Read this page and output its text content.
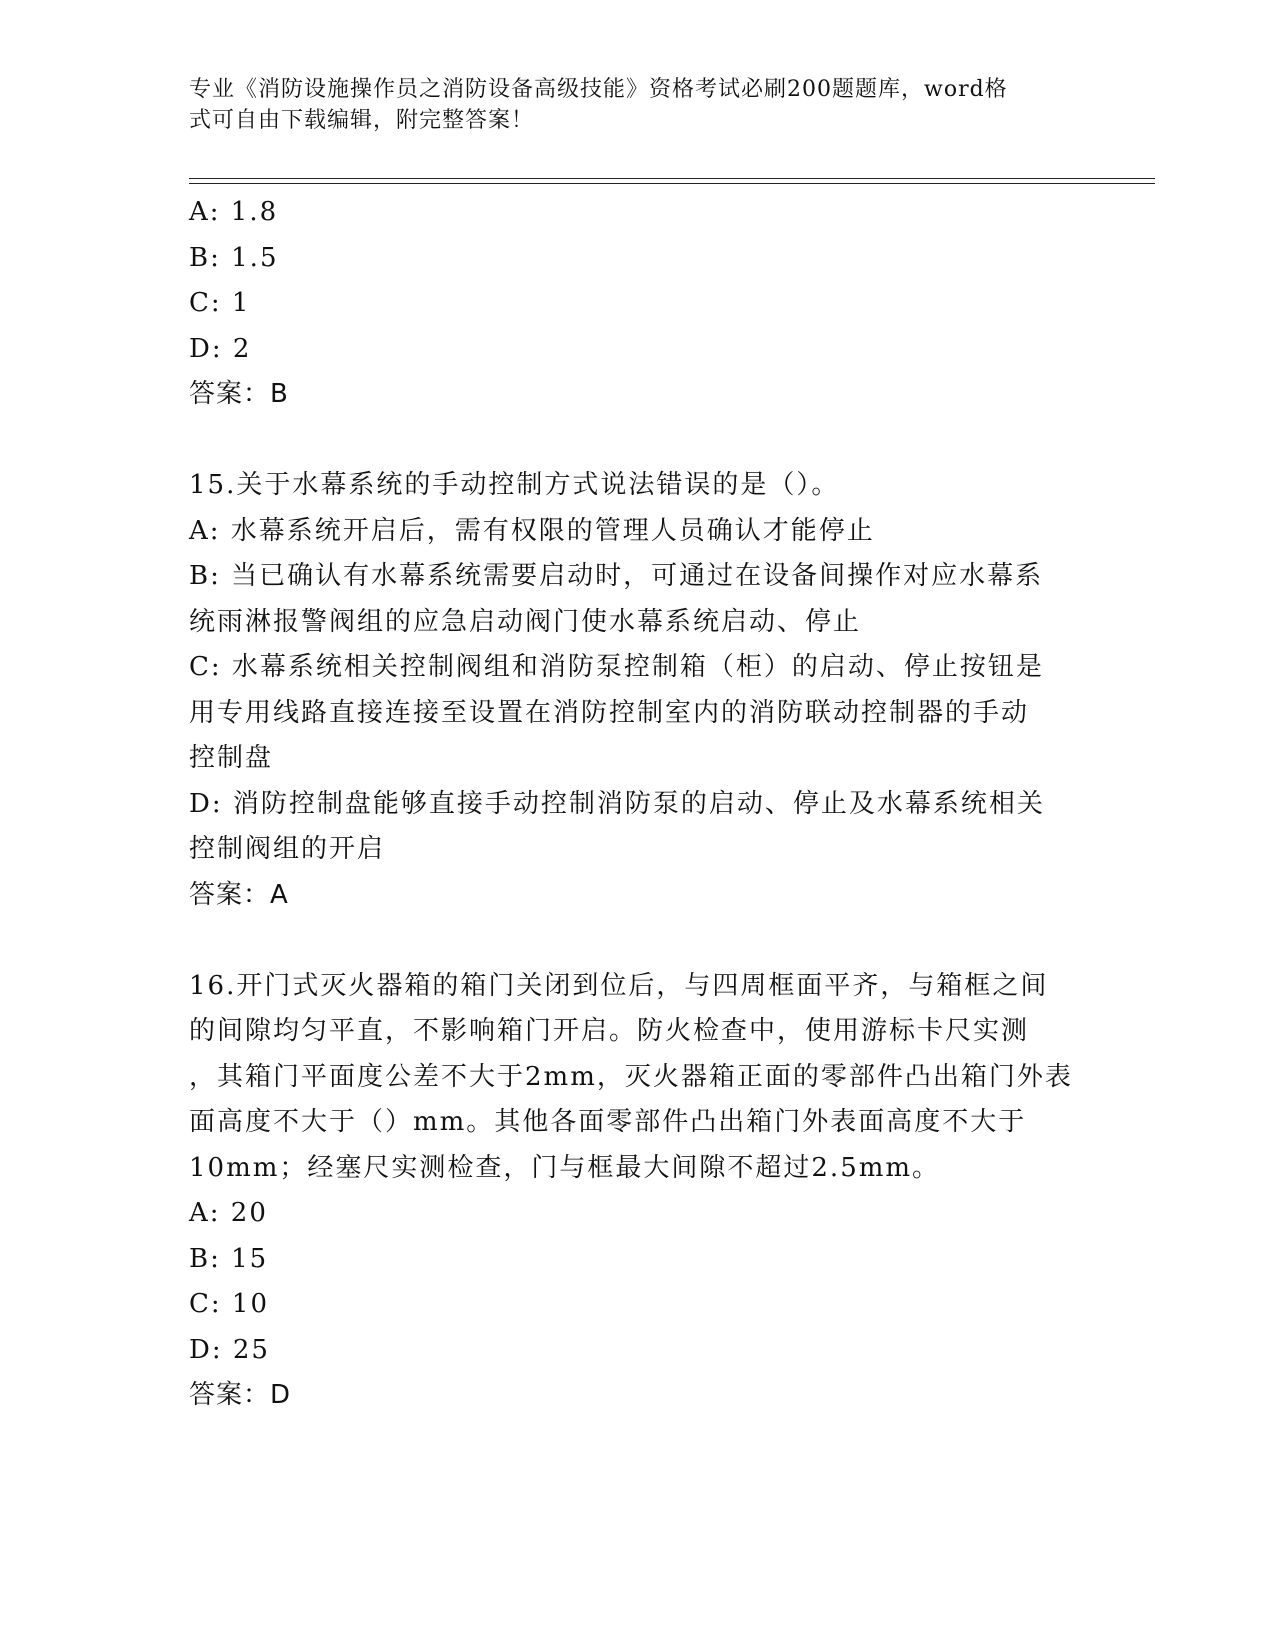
专业《消防设施操作员之消防设备高级技能》资格考试必刷200题题库，word格
式可自由下载编辑，附完整答案！
A: 1.8
B: 1.5
C: 1
D: 2
答案：B
15.关于水幕系统的手动控制方式说法错误的是（）。
A: 水幕系统开启后，需有权限的管理人员确认才能停止
B: 当已确认有水幕系统需要启动时，可通过在设备间操作对应水幕系
统雨淋报警阀组的应急启动阀门使水幕系统启动、停止
C: 水幕系统相关控制阀组和消防泵控制箱（柜）的启动、停止按钮是
用专用线路直接连接至设置在消防控制室内的消防联动控制器的手动
控制盘
D: 消防控制盘能够直接手动控制消防泵的启动、停止及水幕系统相关
控制阀组的开启
答案：A
16.开门式灭火器箱的箱门关闭到位后，与四周框面平齐，与箱框之间
的间隙均匀平直，不影响箱门开启。防火检查中，使用游标卡尺实测
，其箱门平面度公差不大于2mm，灭火器箱正面的零部件凸出箱门外表
面高度不大于（）mm。其他各面零部件凸出箱门外表面高度不大于
10mm；经塞尺实测检查，门与框最大间隙不超过2.5mm。
A: 20
B: 15
C: 10
D: 25
答案：D
